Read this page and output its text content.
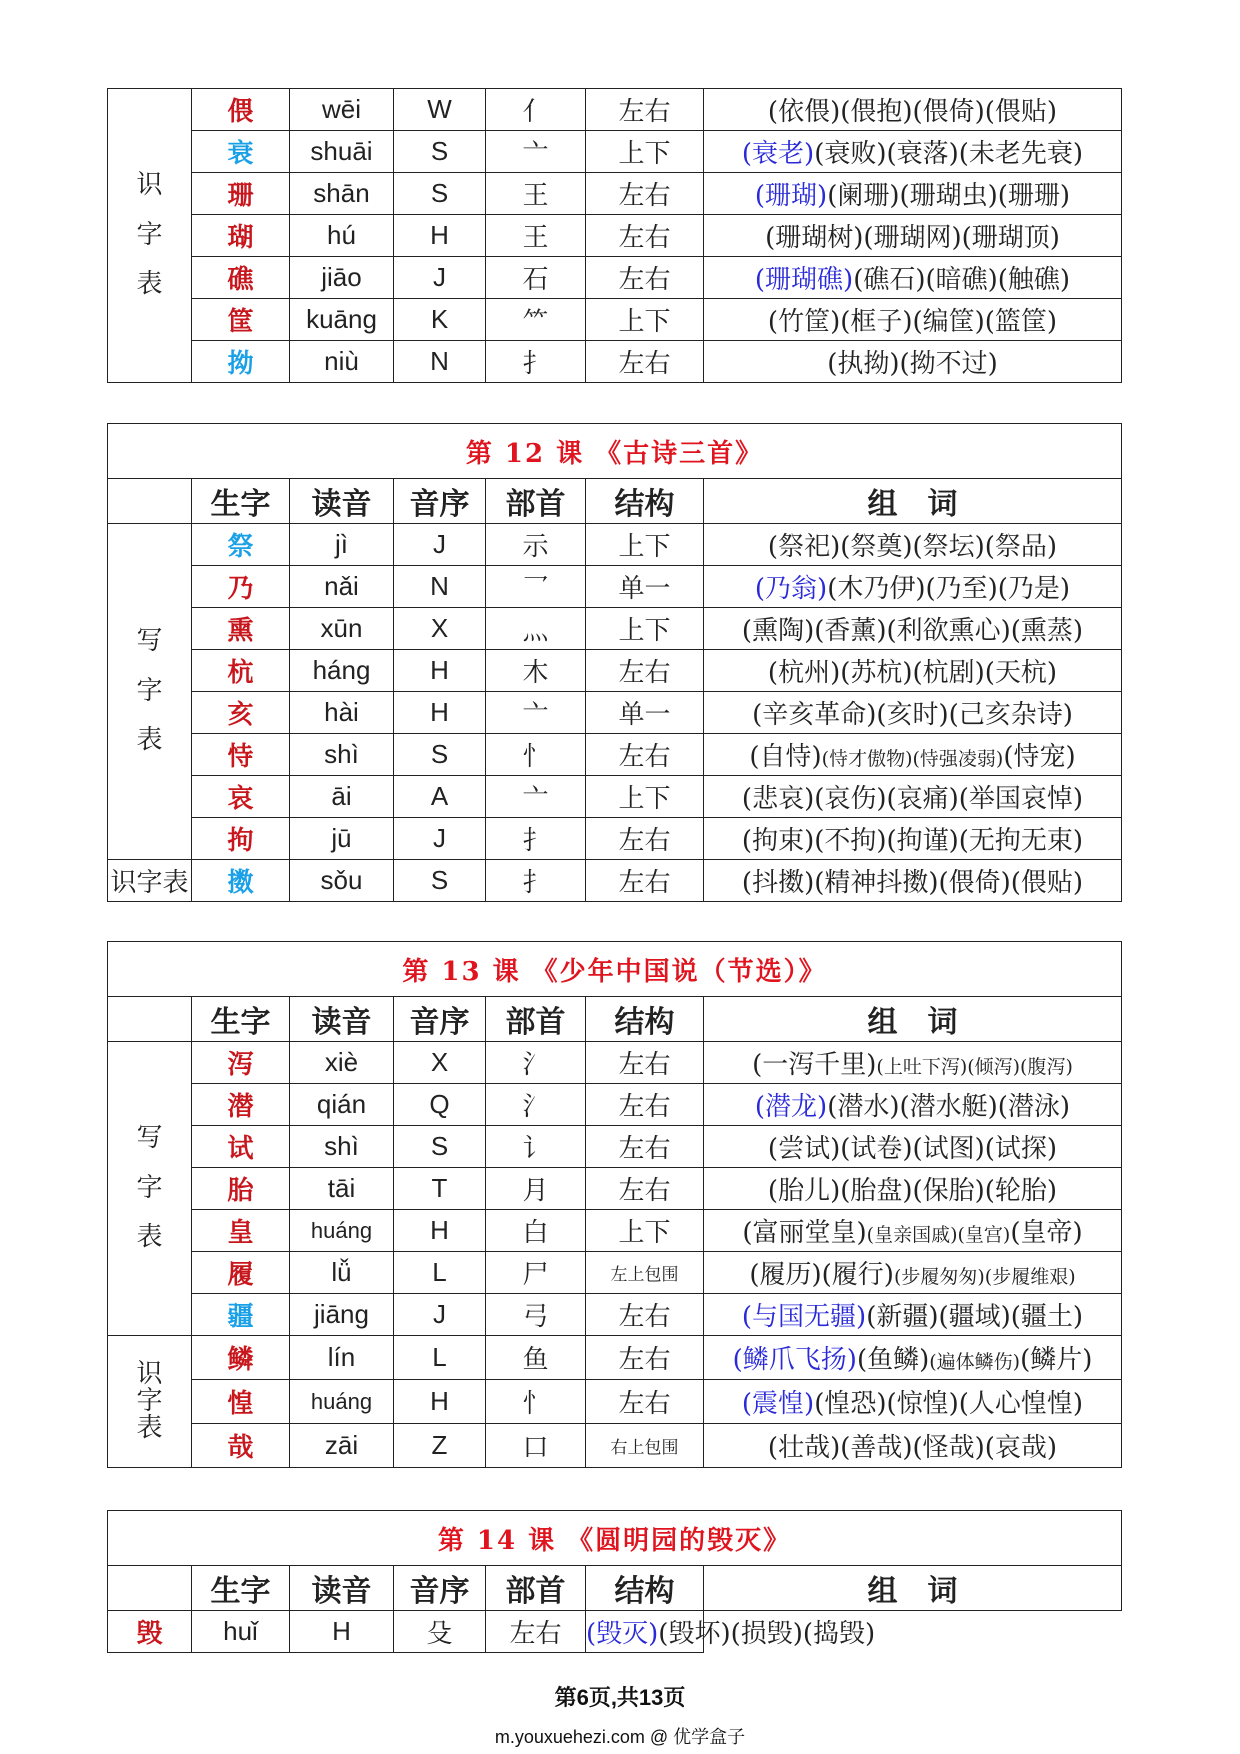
识字表	偎	wēi	W	亻	左右	(依偎)(偎抱)(偎倚)(偎贴)
	衰	shuāi	S	亠	上下	(衰老)(衰败)(衰落)(未老先衰)
	珊	shān	S	王	左右	(珊瑚)(阑珊)(珊瑚虫)(珊珊)
	瑚	hú	H	王	左右	(珊瑚树)(珊瑚网)(珊瑚顶)
	礁	jiāo	J	石	左右	(珊瑚礁)(礁石)(暗礁)(触礁)
	筐	kuāng	K	⺮	上下	(竹筐)(框子)(编筐)(篮筐)
	拗	niù	N	扌	左右	(执拗)(拗不过)
第 12 课 《古诗三首》						
	生字	读音	音序	部首	结构	组　词
写字表	祭	jì	J	示	上下	(祭祀)(祭奠)(祭坛)(祭品)
	乃	nǎi	N	乛	单一	(乃翁)(木乃伊)(乃至)(乃是)
	熏	xūn	X	灬	上下	(熏陶)(香薰)(利欲熏心)(熏蒸)
	杭	háng	H	木	左右	(杭州)(苏杭)(杭剧)(天杭)
	亥	hài	H	亠	单一	(辛亥革命)(亥时)(己亥杂诗)
	恃	shì	S	忄	左右	(自恃)(恃才傲物)(恃强凌弱)(恃宠)
	哀	āi	A	亠	上下	(悲哀)(哀伤)(哀痛)(举国哀悼)
	拘	jū	J	扌	左右	(拘束)(不拘)(拘谨)(无拘无束)
识字表	擞	sǒu	S	扌	左右	(抖擞)(精神抖擞)(偎倚)(偎贴)
第 13 课 《少年中国说（节选）》						
	生字	读音	音序	部首	结构	组　词
写字表	泻	xiè	X	氵	左右	(一泻千里)(上吐下泻)(倾泻)(腹泻)
	潜	qián	Q	氵	左右	(潜龙)(潜水)(潜水艇)(潜泳)
	试	shì	S	讠	左右	(尝试)(试卷)(试图)(试探)
	胎	tāi	T	月	左右	(胎儿)(胎盘)(保胎)(轮胎)
	皇	huáng	H	白	上下	(富丽堂皇)(皇亲国戚)(皇宫)(皇帝)
	履	lǚ	L	尸	左上包围	(履历)(履行)(步履匆匆)(步履维艰)
	疆	jiāng	J	弓	左右	(与国无疆)(新疆)(疆域)(疆土)
识字表	鳞	lín	L	鱼	左右	(鳞爪飞扬)(鱼鳞)(遍体鳞伤)(鳞片)
	惶	huáng	H	忄	左右	(震惶)(惶恐)(惊惶)(人心惶惶)
	哉	zāi	Z	口	右上包围	(壮哉)(善哉)(怪哉)(哀哉)
第 14 课 《圆明园的毁灭》						
	生字	读音	音序	部首	结构	组　词
毁	huǐ	H	殳	左右	(毁灭)(毁坏)(损毁)(捣毁)	
第6页,共13页
m.youxuehezi.com @ 优学盒子
